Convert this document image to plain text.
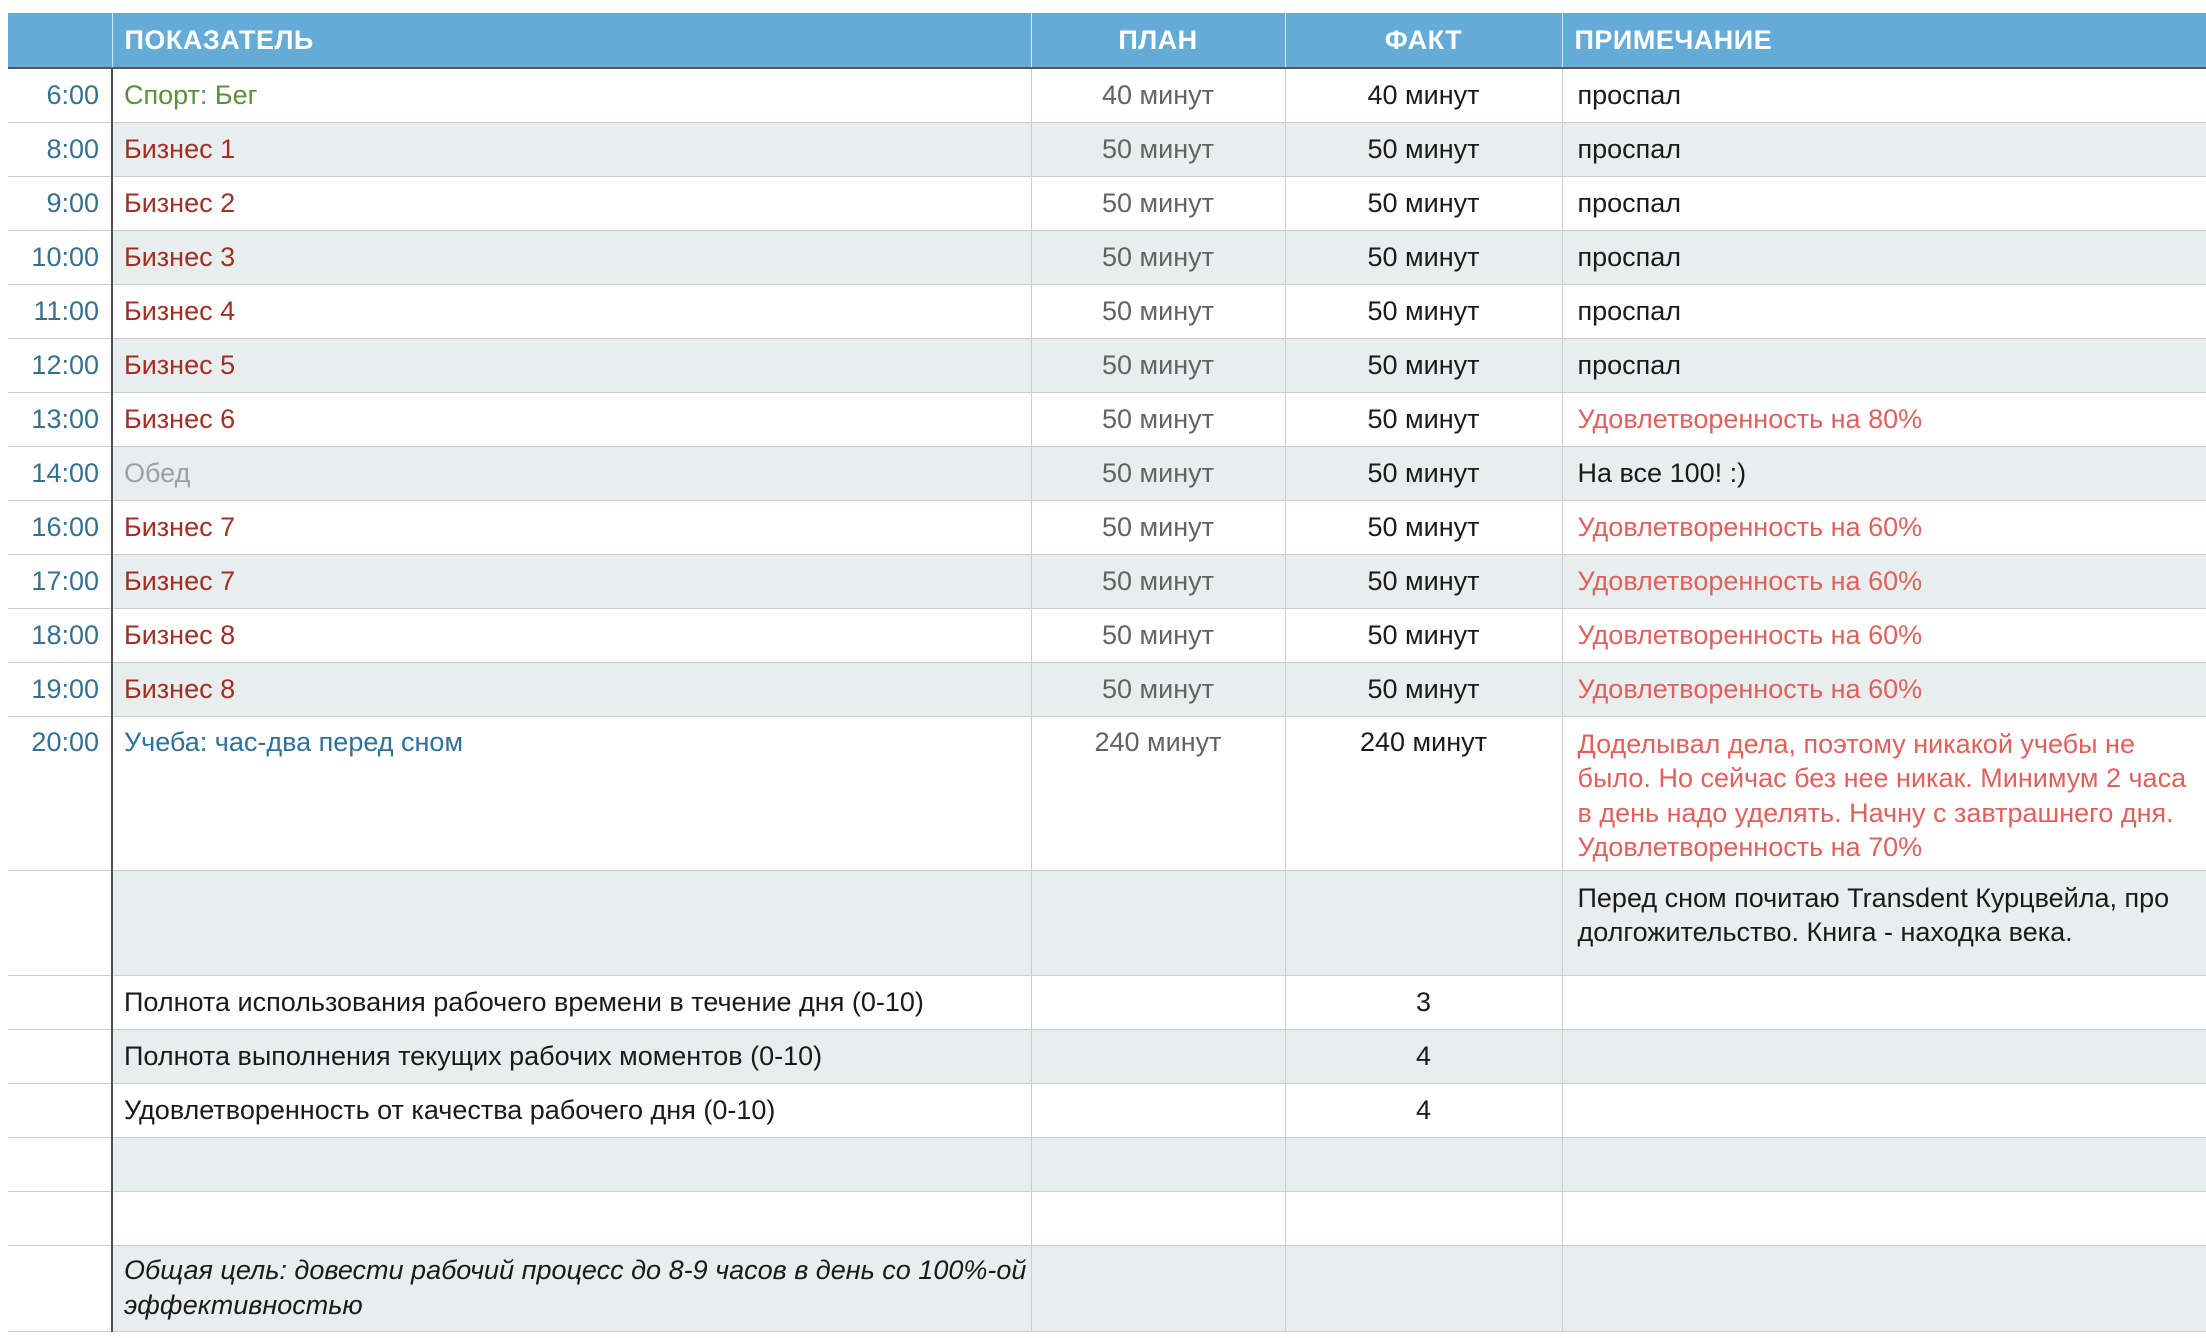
	ПОКАЗАТЕЛЬ	ПЛАН	ФАКТ	ПРИМЕЧАНИЕ
6:00	Спорт: Бег	40 минут	40 минут	проспал
8:00	Бизнес 1	50 минут	50 минут	проспал
9:00	Бизнес 2	50 минут	50 минут	проспал
10:00	Бизнес 3	50 минут	50 минут	проспал
11:00	Бизнес 4	50 минут	50 минут	проспал
12:00	Бизнес 5	50 минут	50 минут	проспал
13:00	Бизнес 6	50 минут	50 минут	Удовлетворенность на 80%
14:00	Обед	50 минут	50 минут	На все 100! :)
16:00	Бизнес 7	50 минут	50 минут	Удовлетворенность на 60%
17:00	Бизнес 7	50 минут	50 минут	Удовлетворенность на 60%
18:00	Бизнес 8	50 минут	50 минут	Удовлетворенность на 60%
19:00	Бизнес 8	50 минут	50 минут	Удовлетворенность на 60%
20:00	Учеба: час-два перед сном	240 минут	240 минут	Доделывал дела, поэтому никакой учебы не было. Но сейчас без нее никак. Минимум 2 часа в день надо уделять. Начну с завтрашнего дня. Удовлетворенность на 70%
				Перед сном почитаю Transdent Курцвейла, про долгожительство. Книга - находка века.
	Полнота использования рабочего времени в течение дня (0-10)		3	
	Полнота выполнения текущих рабочих моментов (0-10)		4	
	Удовлетворенность от качества рабочего дня (0-10)		4	

	Общая цель: довести рабочий процесс до 8-9 часов в день со 100%-ой эффективностью			
